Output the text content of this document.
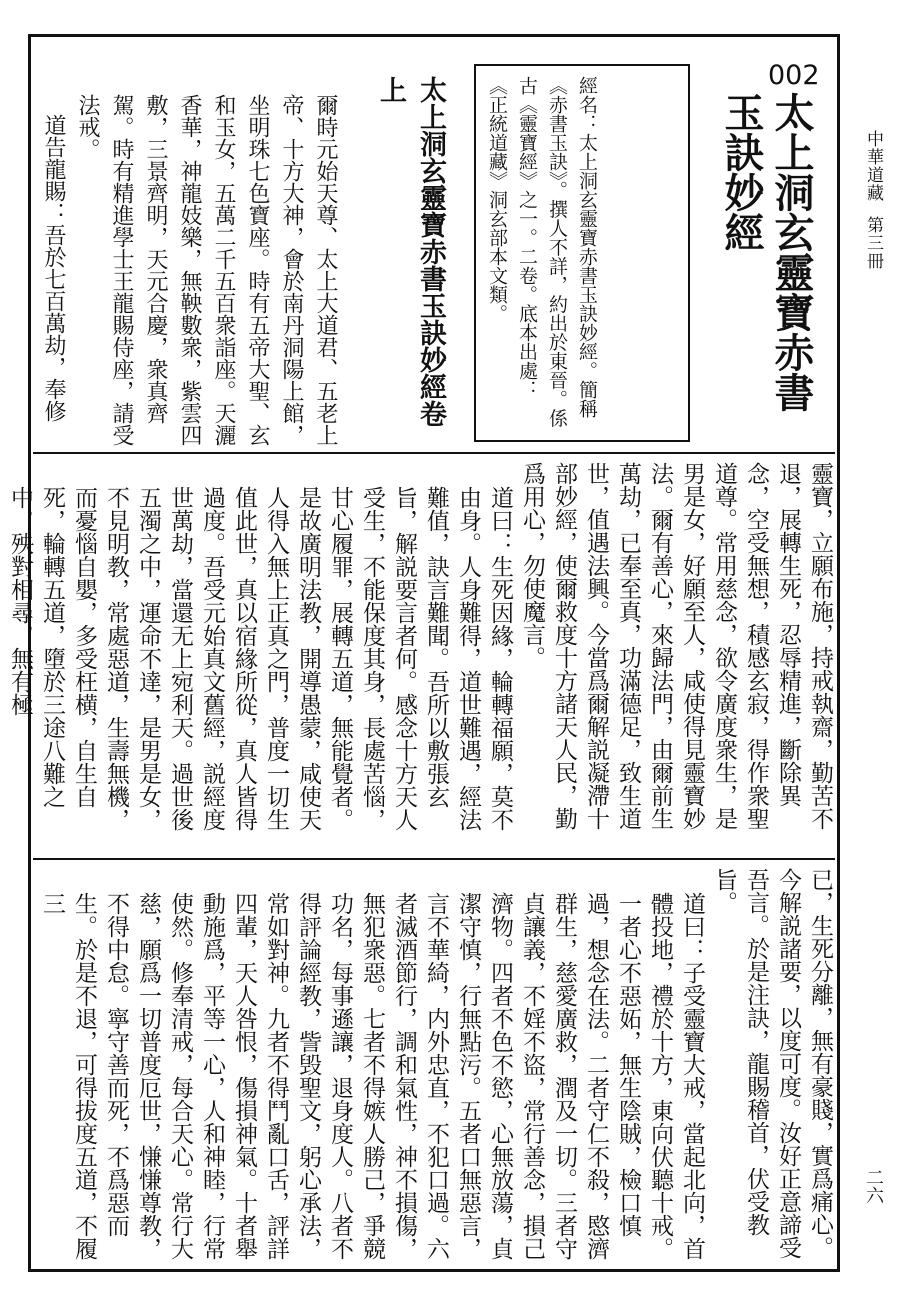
中華道藏第三冊
二六
002
太上洞玄靈寶赤書玉訣妙經

經名：太上洞玄靈寶赤書玉訣妙經。簡稱《赤書玉訣》。撰人不詳，約出於東晉。係古《靈寶經》之一。二卷。底本出處：《正統道藏》洞玄部本文類。

太上洞玄靈寶赤書玉訣妙經卷上

爾時元始天尊、太上大道君、五老上帝、十方大神，會於南丹洞陽上館，坐明珠七色寶座。時有五帝大聖、玄和玉女，五萬二千五百衆詣座。天灑香華，神龍妓樂，無鞅數衆，紫雲四敷，三景齊明，天元合慶，衆真齊駕。時有精進學士王龍賜侍座，請受法戒。

道告龍賜：吾於七百萬劫，奉修

靈寶，立願布施，持戒執齋，勤苦不退，展轉生死，忍辱精進，斷除異念，空受無想，積感玄寂，得作衆聖道尊。常用慈念，欲令廣度衆生，是男是女，好願至人，咸使得見靈寶妙法。爾有善心，來歸法門，由爾前生萬劫，已奉至真，功滿德足，致生道世，值遇法興。今當爲爾解説凝滯十部妙經，使爾救度十方諸天人民，勤爲用心，勿使魔言。

道曰：生死因緣，輪轉福願，莫不由身。人身難得，道世難遇，經法難值，訣言難聞。吾所以敷張玄旨，解説要言者何。感念十方天人受生，不能保度其身，長處苦惱，甘心履罪，展轉五道，無能覺者。是故廣明法教，開導愚蒙，咸使天人得入無上正真之門，普度一切生值此世，真以宿緣所從，真人皆得過度。吾受元始真文舊經，説經度世萬劫，當還无上宛利天。過世後五濁之中，運命不達，是男是女，不見明教，常處惡道，生壽無機，而憂惱自嬰，多受枉横，自生自死，輪轉五道，墮於三途八難之中，殃對相尋，無有極

已，生死分離，無有豪賤，實爲痛心。今解説諸要，以度可度。汝好正意諦受吾言。於是注訣，龍賜稽首，伏受教旨。

道曰：子受靈寶大戒，當起北向，首體投地，禮於十方，東向伏聽十戒。一者心不惡妬，無生陰賊，檢口慎過，想念在法。二者守仁不殺，愍濟群生，慈愛廣救，潤及一切。三者守貞讓義，不婬不盜，常行善念，損己濟物。四者不色不慾，心無放蕩，貞潔守慎，行無點污。五者口無惡言，言不華綺，内外忠直，不犯口過。六者滅酒節行，調和氣性，神不損傷，無犯衆惡。七者不得嫉人勝己，爭競功名，每事遜讓，退身度人。八者不得評論經教，訾毁聖文，躬心承法，常如對神。九者不得鬥亂口舌，評詳四輩，天人咎恨，傷損神氣。十者舉動施爲，平等一心，人和神睦，行常使然。修奉清戒，每合天心。常行大慈，願爲一切普度厄世，慊慊尊教，不得中怠。寧守善而死，不爲惡而生。於是不退，可得拔度五道，不履三
